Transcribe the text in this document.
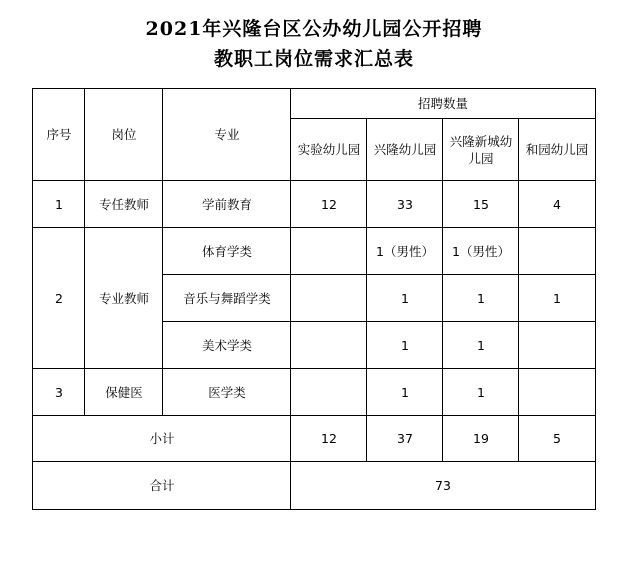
2021年兴隆台区公办幼儿园公开招聘
教职工岗位需求汇总表
序号	岗位	专业	招聘数量			
			实验幼儿园	兴隆幼儿园	兴隆新城幼儿园	和园幼儿园
1	专任教师	学前教育	12	33	15	4
2	专业教师	体育学类		1（男性）	1（男性）	
		音乐与舞蹈学类		1	1	1
		美术学类		1	1	
3	保健医	医学类		1	1	
小计			12	37	19	5
合计			73			
